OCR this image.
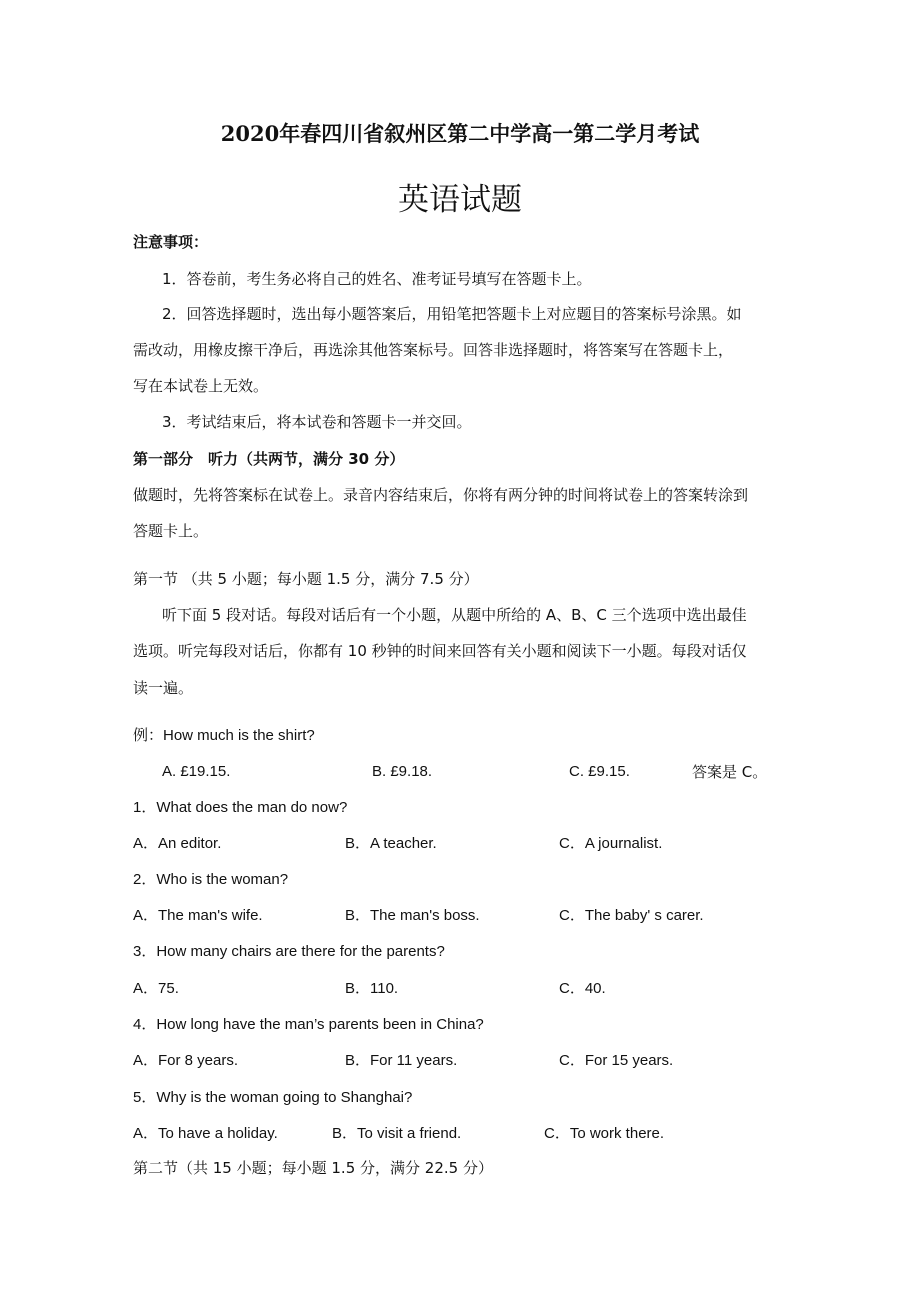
2020年春四川省叙州区第二中学高一第二学月考试
英语试题
注意事项：
1．答卷前，考生务必将自己的姓名、准考证号填写在答题卡上。
2．回答选择题时，选出每小题答案后，用铅笔把答题卡上对应题目的答案标号涂黑。如
需改动，用橡皮擦干净后，再选涂其他答案标号。回答非选择题时，将答案写在答题卡上，
写在本试卷上无效。
3．考试结束后，将本试卷和答题卡一并交回。
第一部分　听力（共两节，满分 30 分）
做题时，先将答案标在试卷上。录音内容结束后，你将有两分钟的时间将试卷上的答案转涂到
答题卡上。
第一节 （共 5 小题；每小题 1.5 分，满分 7.5 分）
听下面 5 段对话。每段对话后有一个小题，从题中所给的 A、B、C 三个选项中选出最佳
选项。听完每段对话后，你都有 10 秒钟的时间来回答有关小题和阅读下一小题。每段对话仅
读一遍。
例：How much is the shirt?
A. £19.15.	B. £9.18.	C. £9.15.	答案是 C。
1．What does the man do now?
A．An editor.	B．A teacher.	C．A journalist.
2．Who is the woman?
A．The man's wife.	B．The man's boss.	C．The baby' s carer.
3．How many chairs are there for the parents?
A．75.	B．110.	C．40.
4．How long have the man’s parents been in China?
A．For 8 years.	B．For 11 years.	C．For 15 years.
5．Why is the woman going to Shanghai?
A．To have a holiday.	B．To visit a friend.	C．To work there.
第二节（共 15 小题；每小题 1.5 分，满分 22.5 分）
